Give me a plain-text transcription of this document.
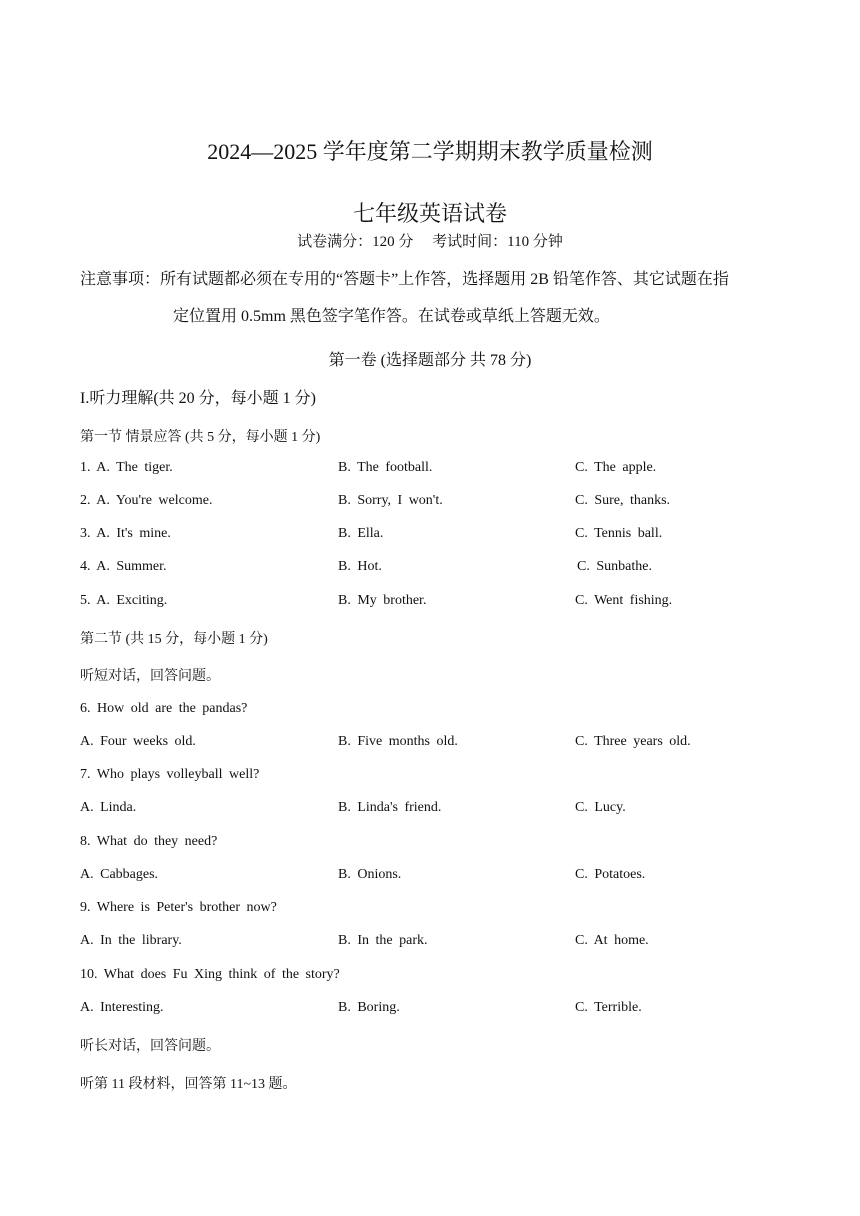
2024—2025 学年度第二学期期末教学质量检测
七年级英语试卷
试卷满分：120 分　 考试时间：110 分钟
注意事项：所有试题都必须在专用的“答题卡”上作答，选择题用 2B 铅笔作答、其它试题在指
定位置用 0.5mm 黑色签字笔作答。在试卷或草纸上答题无效。
第一卷 (选择题部分 共 78 分)
I.听力理解(共 20 分，每小题 1 分)
第一节 情景应答 (共 5 分，每小题 1 分)
1. A. The tiger.	B. The football.	C. The apple.
2. A. You're welcome.	B. Sorry, I won't.	C. Sure, thanks.
3. A. It's mine.	B. Ella.	C. Tennis ball.
4. A. Summer.	B. Hot.	C. Sunbathe.
5. A. Exciting.	B. My brother.	C. Went fishing.
第二节 (共 15 分，每小题 1 分)
听短对话，回答问题。
6. How old are the pandas?
A. Four weeks old.	B. Five months old.	C. Three years old.
7. Who plays volleyball well?
A. Linda.	B. Linda's friend.	C. Lucy.
8. What do they need?
A. Cabbages.	B. Onions.	C. Potatoes.
9. Where is Peter's brother now?
A. In the library.	B. In the park.	C. At home.
10. What does Fu Xing think of the story?
A. Interesting.	B. Boring.	C. Terrible.
听长对话，回答问题。
听第 11 段材料，回答第 11~13 题。
